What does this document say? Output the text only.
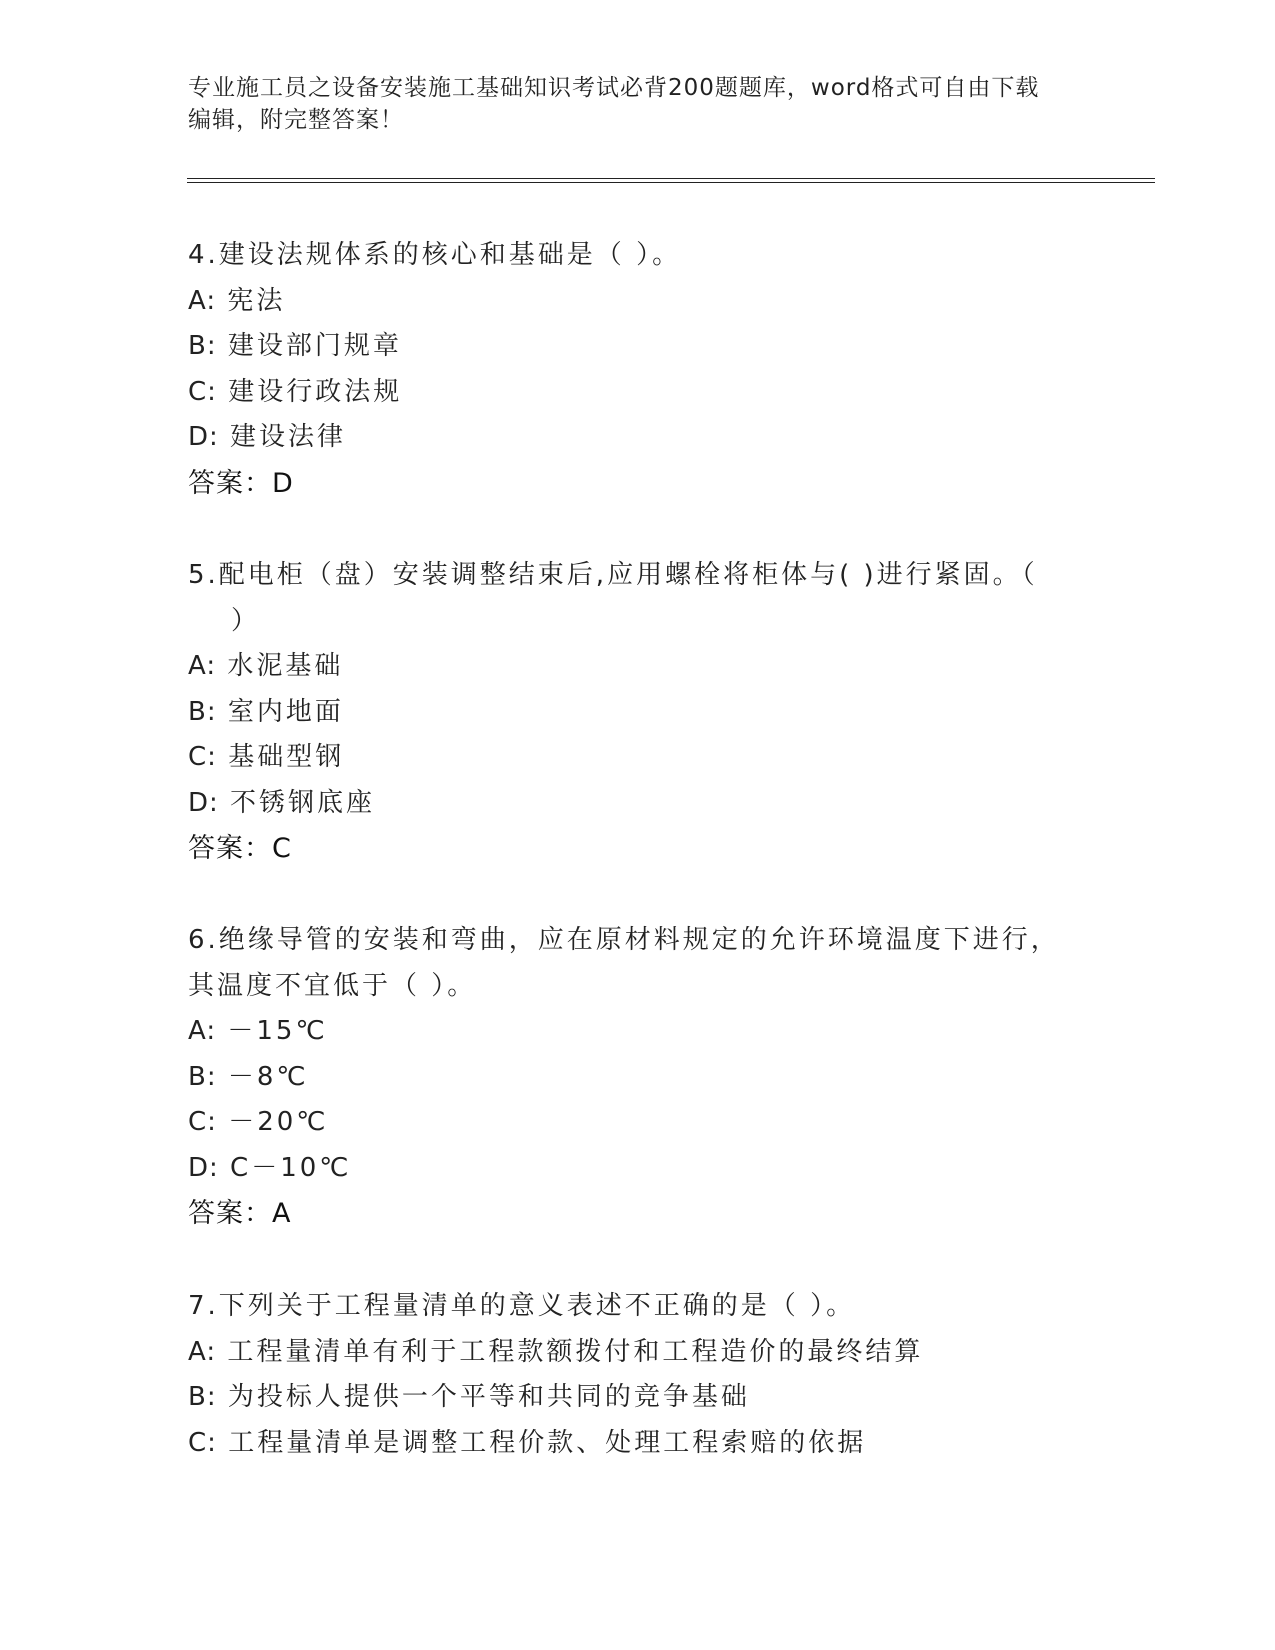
专业施工员之设备安装施工基础知识考试必背200题题库，word格式可自由下载
编辑，附完整答案！
4.建设法规体系的核心和基础是（ ）。
A: 宪法
B: 建设部门规章
C: 建设行政法规
D: 建设法律
答案：D
5.配电柜（盘）安装调整结束后,应用螺栓将柜体与( )进行紧固。（
）
A: 水泥基础
B: 室内地面
C: 基础型钢
D: 不锈钢底座
答案：C
6.绝缘导管的安装和弯曲，应在原材料规定的允许环境温度下进行，
其温度不宜低于（ ）。
A: －15℃
B: －8℃
C: －20℃
D: C－10℃
答案：A
7.下列关于工程量清单的意义表述不正确的是（ ）。
A: 工程量清单有利于工程款额拨付和工程造价的最终结算
B: 为投标人提供一个平等和共同的竞争基础
C: 工程量清单是调整工程价款、处理工程索赔的依据
